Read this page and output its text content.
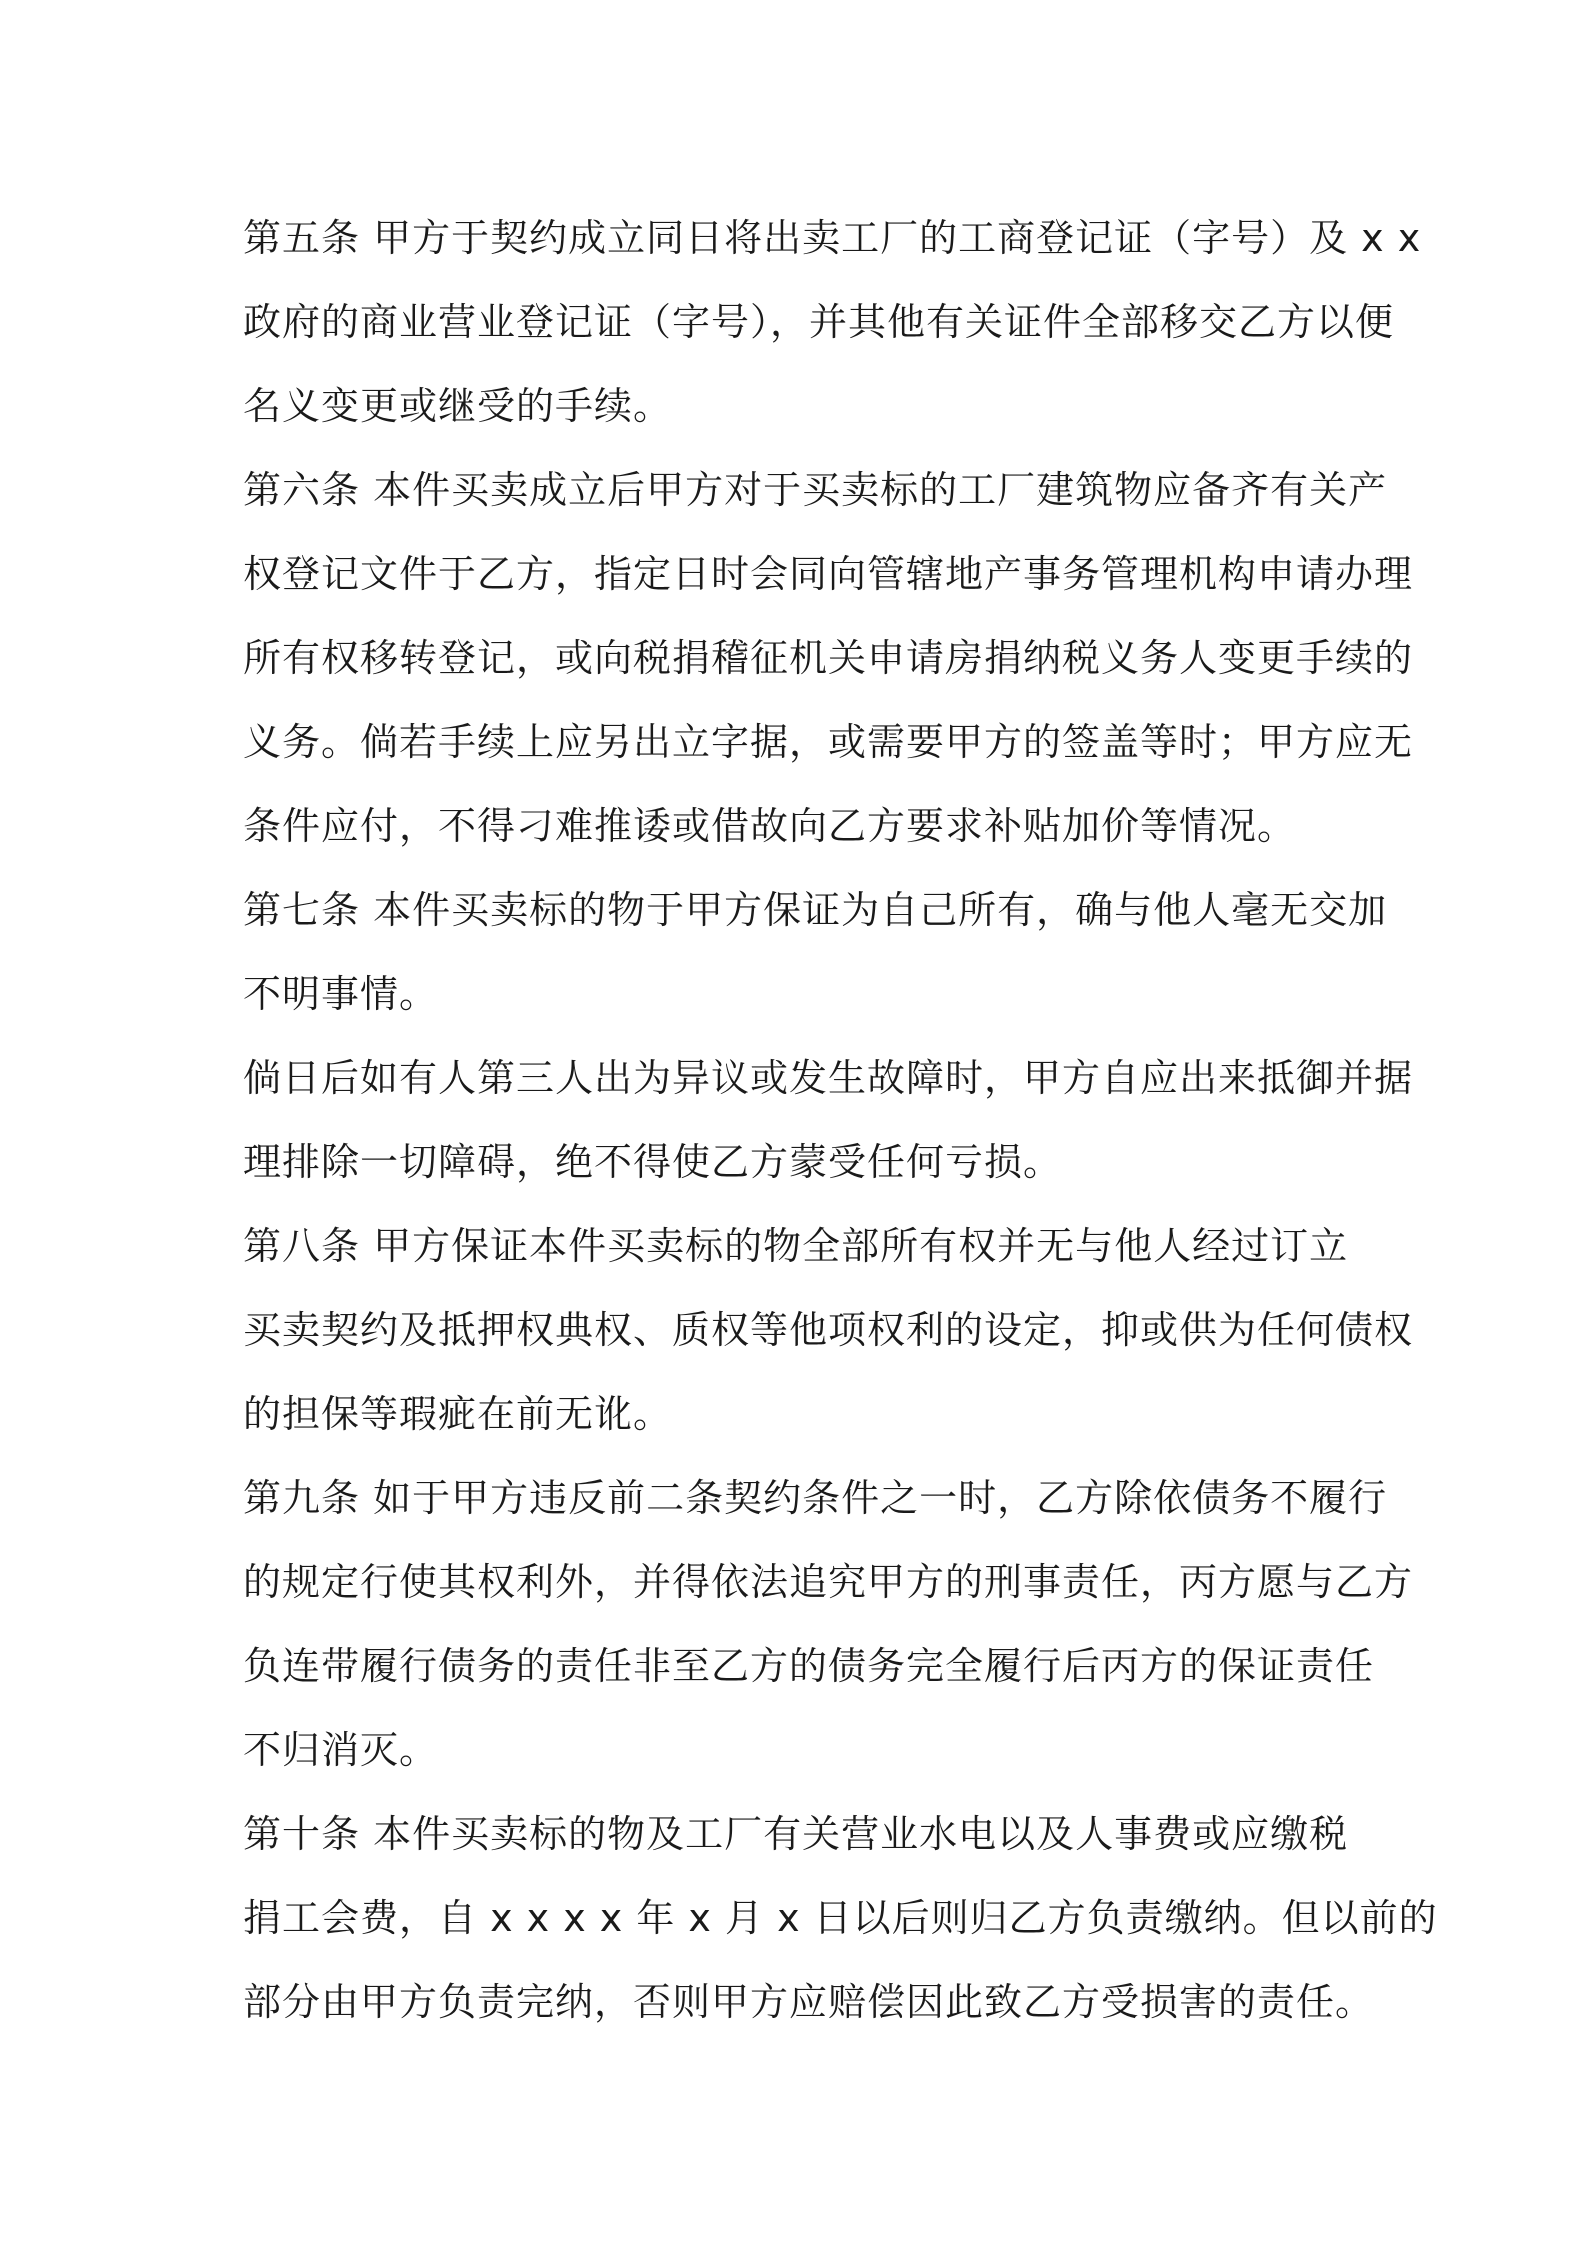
第五条 甲方于契约成立同日将出卖工厂的工商登记证（字号）及 x x
政府的商业营业登记证（字号），并其他有关证件全部移交乙方以便
名义变更或继受的手续。
第六条 本件买卖成立后甲方对于买卖标的工厂建筑物应备齐有关产
权登记文件于乙方，指定日时会同向管辖地产事务管理机构申请办理
所有权移转登记，或向税捐稽征机关申请房捐纳税义务人变更手续的
义务。倘若手续上应另出立字据，或需要甲方的签盖等时；甲方应无
条件应付，不得刁难推诿或借故向乙方要求补贴加价等情况。
第七条 本件买卖标的物于甲方保证为自己所有，确与他人毫无交加
不明事情。
倘日后如有人第三人出为异议或发生故障时，甲方自应出来抵御并据
理排除一切障碍，绝不得使乙方蒙受任何亏损。
第八条 甲方保证本件买卖标的物全部所有权并无与他人经过订立
买卖契约及抵押权典权、质权等他项权利的设定，抑或供为任何债权
的担保等瑕疵在前无讹。
第九条 如于甲方违反前二条契约条件之一时，乙方除依债务不履行
的规定行使其权利外，并得依法追究甲方的刑事责任，丙方愿与乙方
负连带履行债务的责任非至乙方的债务完全履行后丙方的保证责任
不归消灭。
第十条 本件买卖标的物及工厂有关营业水电以及人事费或应缴税
捐工会费，自 x x x x 年 x 月 x 日以后则归乙方负责缴纳。但以前的
部分由甲方负责完纳，否则甲方应赔偿因此致乙方受损害的责任。
